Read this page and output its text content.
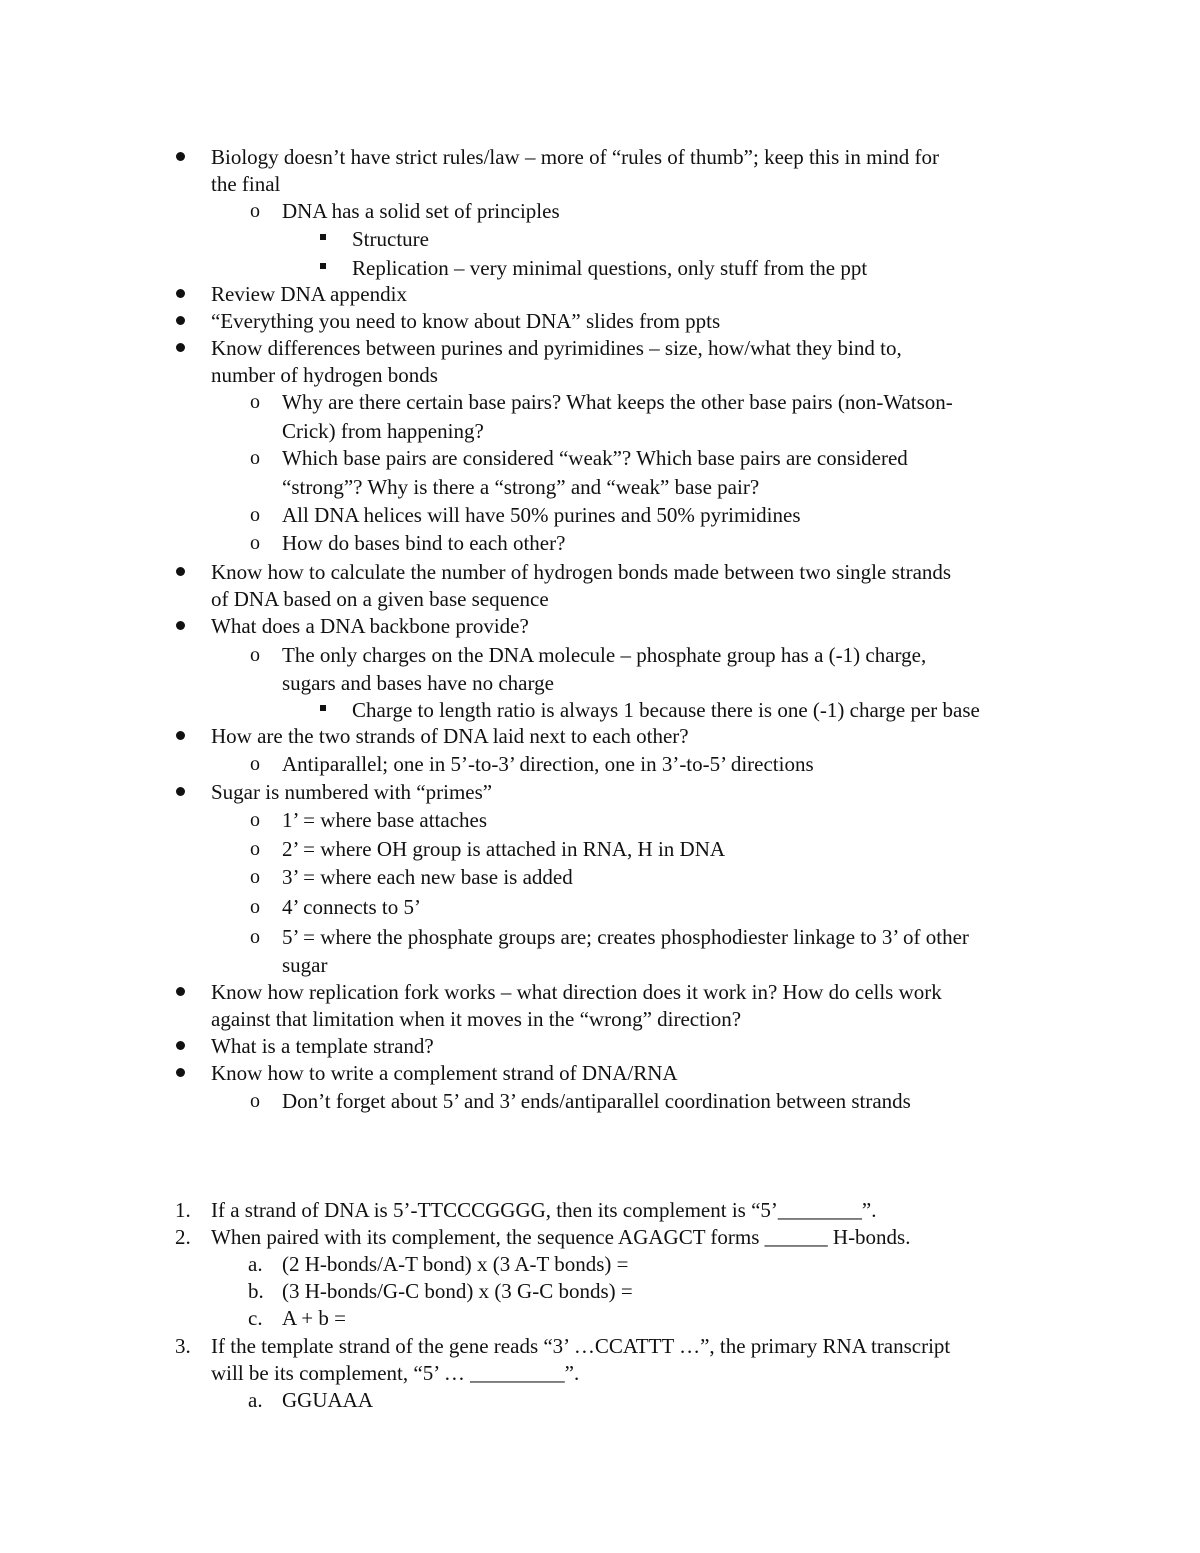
Biology doesn’t have strict rules/law – more of “rules of thumb”; keep this in mind for
the final
o DNA has a solid set of principles
Structure
Replication – very minimal questions, only stuff from the ppt
Review DNA appendix
“Everything you need to know about DNA” slides from ppts
Know differences between purines and pyrimidines – size, how/what they bind to,
number of hydrogen bonds
o Why are there certain base pairs? What keeps the other base pairs (non-Watson-
Crick) from happening?
o Which base pairs are considered “weak”? Which base pairs are considered
“strong”? Why is there a “strong” and “weak” base pair?
o All DNA helices will have 50% purines and 50% pyrimidines
o How do bases bind to each other?
Know how to calculate the number of hydrogen bonds made between two single strands
of DNA based on a given base sequence
What does a DNA backbone provide?
o The only charges on the DNA molecule – phosphate group has a (-1) charge,
sugars and bases have no charge
Charge to length ratio is always 1 because there is one (-1) charge per base
How are the two strands of DNA laid next to each other?
o Antiparallel; one in 5’-to-3’ direction, one in 3’-to-5’ directions
Sugar is numbered with “primes”
o 1’ = where base attaches
o 2’ = where OH group is attached in RNA, H in DNA
o 3’ = where each new base is added
o 4’ connects to 5’
o 5’ = where the phosphate groups are; creates phosphodiester linkage to 3’ of other
sugar
Know how replication fork works – what direction does it work in? How do cells work
against that limitation when it moves in the “wrong” direction?
What is a template strand?
Know how to write a complement strand of DNA/RNA
o Don’t forget about 5’ and 3’ ends/antiparallel coordination between strands
1. If a strand of DNA is 5’-TTCCCGGGG, then its complement is “5’________”.
2. When paired with its complement, the sequence AGAGCT forms ______ H-bonds.
a. (2 H-bonds/A-T bond) x (3 A-T bonds) =
b. (3 H-bonds/G-C bond) x (3 G-C bonds) =
c. A + b =
3. If the template strand of the gene reads “3’ …CCATTT …”, the primary RNA transcript
will be its complement, “5’ … _________”.
a. GGUAAA
